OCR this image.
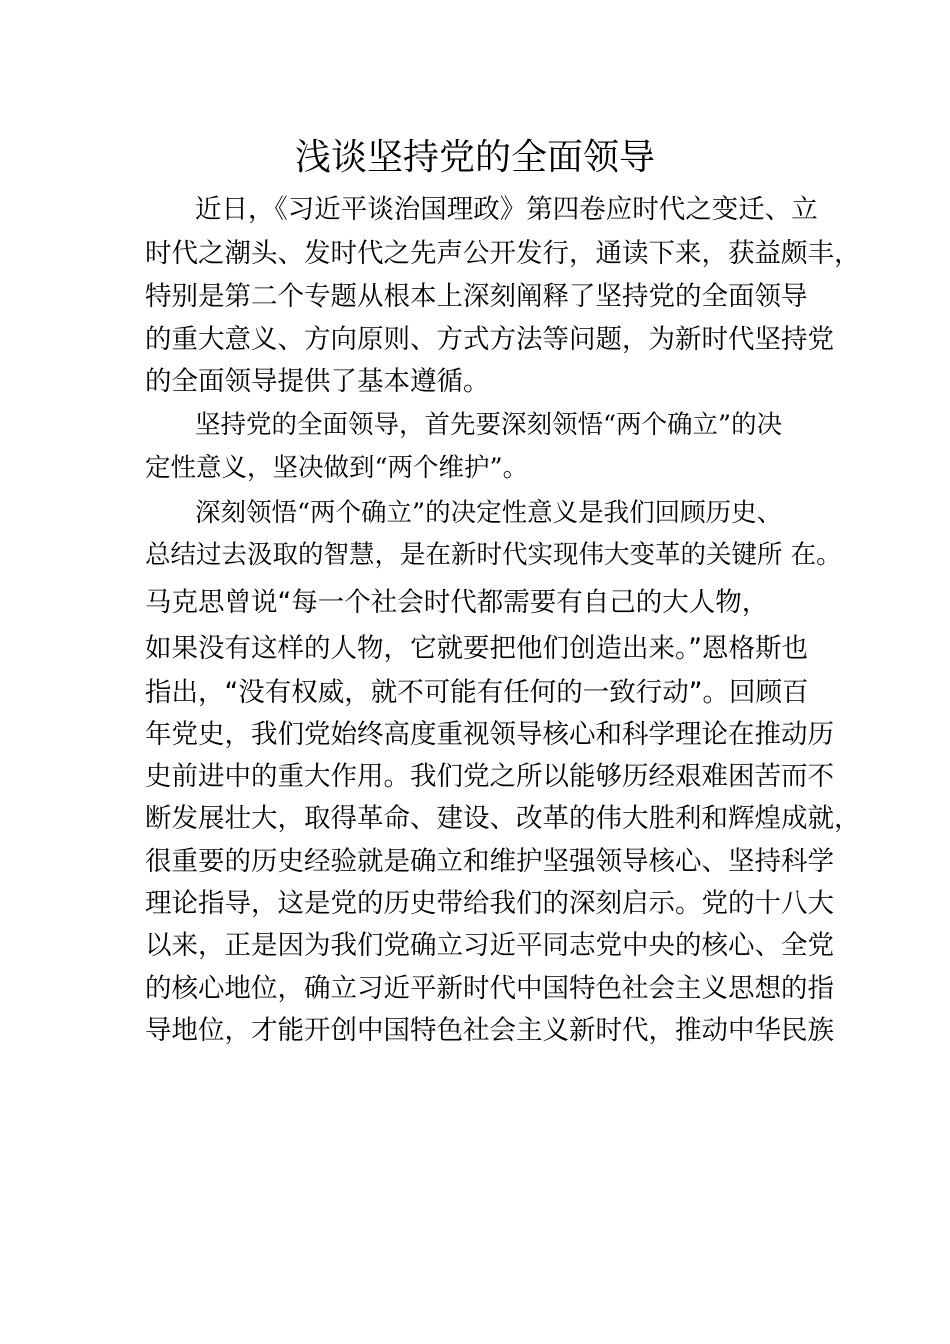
浅谈坚持党的全面领导
近日，《习近平谈治国理政》第四卷应时代之变迁、立
时代之潮头、发时代之先声公开发行，通读下来，获益颇丰，
特别是第二个专题从根本上深刻阐释了坚持党的全面领导
的重大意义、方向原则、方式方法等问题，为新时代坚持党
的全面领导提供了基本遵循。
坚持党的全面领导，首先要深刻领悟“两个确立”的决
定性意义，坚决做到“两个维护”。
深刻领悟“两个确立”的决定性意义是我们回顾历史、
总结过去汲取的智慧，是在新时代实现伟大变革的关键所 在。
马克思曾说“每一个社会时代都需要有自己的大人物，
如果没有这样的人物，它就要把他们创造出来。”恩格斯也
指出，“没有权威，就不可能有任何的一致行动”。回顾百
年党史，我们党始终高度重视领导核心和科学理论在推动历
史前进中的重大作用。我们党之所以能够历经艰难困苦而不
断发展壮大，取得革命、建设、改革的伟大胜利和辉煌成就，
很重要的历史经验就是确立和维护坚强领导核心、坚持科学
理论指导，这是党的历史带给我们的深刻启示。党的十八大
以来，正是因为我们党确立习近平同志党中央的核心、全党
的核心地位，确立习近平新时代中国特色社会主义思想的指
导地位，才能开创中国特色社会主义新时代，推动中华民族
